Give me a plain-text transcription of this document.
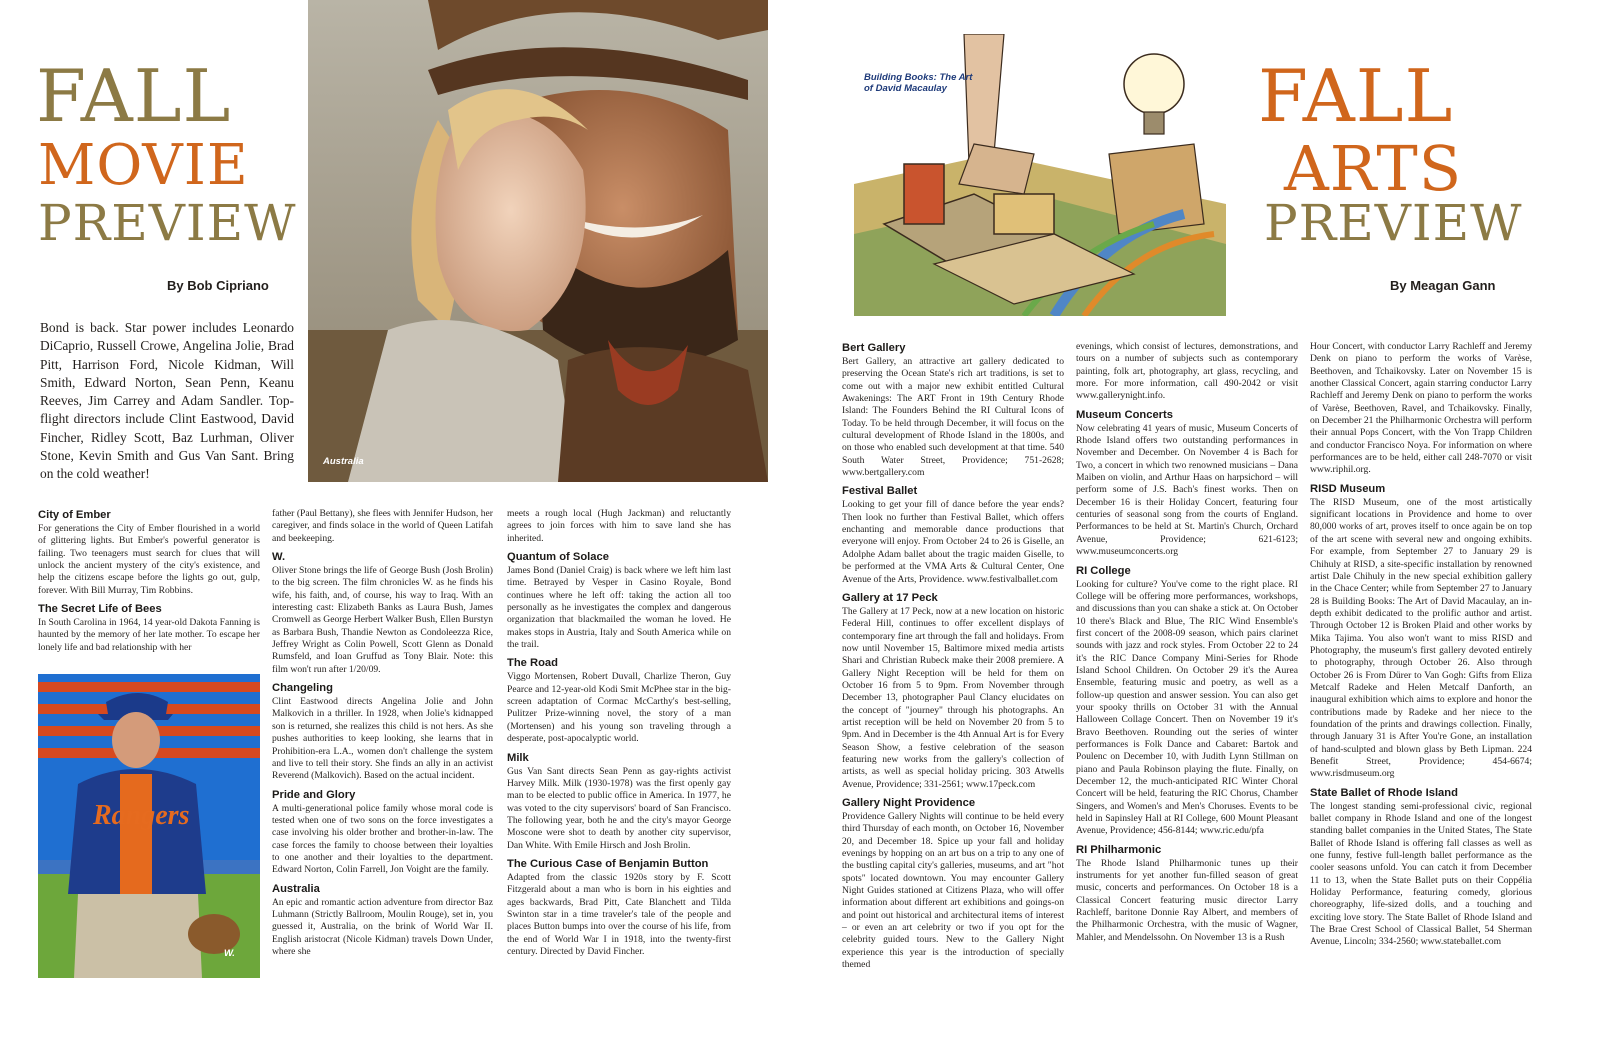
FALL
MOVIE
PREVIEW
By Bob Cipriano
Bond is back. Star power includes Leonardo DiCaprio, Russell Crowe, Angelina Jolie, Brad Pitt, Harrison Ford, Nicole Kidman, Will Smith, Edward Norton, Sean Penn, Keanu Reeves, Jim Carrey and Adam Sandler. Top-flight directors include Clint Eastwood, David Fincher, Ridley Scott, Baz Lurhman, Oliver Stone, Kevin Smith and Gus Van Sant. Bring on the cold weather!
Australia
Rangers
W.
City of Ember

For generations the City of Ember flourished in a world of glittering lights. But Ember's powerful generator is failing. Two teenagers must search for clues that will unlock the ancient mystery of the city's existence, and help the citizens escape before the lights go out, gulp, forever. With Bill Murray, Tim Robbins.

The Secret Life of Bees

In South Carolina in 1964, 14 year-old Dakota Fanning is haunted by the memory of her late mother. To escape her lonely life and bad relationship with her

father (Paul Bettany), she flees with Jennifer Hudson, her caregiver, and finds solace in the world of Queen Latifah and beekeeping.

W.

Oliver Stone brings the life of George Bush (Josh Brolin) to the big screen. The film chronicles W. as he finds his wife, his faith, and, of course, his way to Iraq. With an interesting cast: Elizabeth Banks as Laura Bush, James Cromwell as George Herbert Walker Bush, Ellen Burstyn as Barbara Bush, Thandie Newton as Condoleezza Rice, Jeffrey Wright as Colin Powell, Scott Glenn as Donald Rumsfeld, and Ioan Gruffud as Tony Blair. Note: this film won't run after 1/20/09.

Changeling

Clint Eastwood directs Angelina Jolie and John Malkovich in a thriller. In 1928, when Jolie's kidnapped son is returned, she realizes this child is not hers. As she pushes authorities to keep looking, she learns that in Prohibition-era L.A., women don't challenge the system and live to tell their story. She finds an ally in an activist Reverend (Malkovich). Based on the actual incident.

Pride and Glory

A multi-generational police family whose moral code is tested when one of two sons on the force investigates a case involving his older brother and brother-in-law. The case forces the family to choose between their loyalties to one another and their loyalties to the department. Edward Norton, Colin Farrell, Jon Voight are the family.

Australia

An epic and romantic action adventure from director Baz Luhmann (Strictly Ballroom, Moulin Rouge), set in, you guessed it, Australia, on the brink of World War II. English aristocrat (Nicole Kidman) travels Down Under, where she

meets a rough local (Hugh Jackman) and reluctantly agrees to join forces with him to save land she has inherited.

Quantum of Solace

James Bond (Daniel Craig) is back where we left him last time. Betrayed by Vesper in Casino Royale, Bond continues where he left off: taking the action all too personally as he investigates the complex and dangerous organization that blackmailed the woman he loved. He makes stops in Austria, Italy and South America while on the trail.

The Road

Viggo Mortensen, Robert Duvall, Charlize Theron, Guy Pearce and 12-year-old Kodi Smit McPhee star in the big-screen adaptation of Cormac McCarthy's best-selling, Pulitzer Prize-winning novel, the story of a man (Mortensen) and his young son traveling through a desperate, post-apocalyptic world.

Milk

Gus Van Sant directs Sean Penn as gay-rights activist Harvey Milk. Milk (1930-1978) was the first openly gay man to be elected to public office in America. In 1977, he was voted to the city supervisors' board of San Francisco. The following year, both he and the city's mayor George Moscone were shot to death by another city supervisor, Dan White. With Emile Hirsch and Josh Brolin.

The Curious Case of Benjamin Button

Adapted from the classic 1920s story by F. Scott Fitzgerald about a man who is born in his eighties and ages backwards, Brad Pitt, Cate Blanchett and Tilda Swinton star in a time traveler's tale of the people and places Button bumps into over the course of his life, from the end of World War I in 1918, into the twenty-first century. Directed by David Fincher.

Building Books: The Art of David Macaulay	FALL
ARTS
PREVIEW
By Meagan Gann
Bert Gallery

Bert Gallery, an attractive art gallery dedicated to preserving the Ocean State's rich art traditions, is set to come out with a major new exhibit entitled Cultural Awakenings: The ART Front in 19th Century Rhode Island: The Founders Behind the RI Cultural Icons of Today. To be held through December, it will focus on the cultural development of Rhode Island in the 1800s, and on those who enabled such development at that time. 540 South Water Street, Providence; 751-2628; www.bertgallery.com

Festival Ballet

Looking to get your fill of dance before the year ends? Then look no further than Festival Ballet, which offers enchanting and memorable dance productions that everyone will enjoy. From October 24 to 26 is Giselle, an Adolphe Adam ballet about the tragic maiden Giselle, to be performed at the VMA Arts & Cultural Center, One Avenue of the Arts, Providence. www.festivalballet.com

Gallery at 17 Peck

The Gallery at 17 Peck, now at a new location on historic Federal Hill, continues to offer excellent displays of contemporary fine art through the fall and holidays. From now until November 15, Baltimore mixed media artists Shari and Christian Rubeck make their 2008 premiere. A Gallery Night Reception will be held for them on October 16 from 5 to 9pm. From November through December 13, photographer Paul Clancy elucidates on the concept of "journey" through his photographs. An artist reception will be held on November 20 from 5 to 9pm. And in December is the 4th Annual Art is for Every Season Show, a festive celebration of the season featuring new works from the gallery's collection of artists, as well as special holiday pricing. 303 Atwells Avenue, Providence; 331-2561; www.17peck.com

Gallery Night Providence

Providence Gallery Nights will continue to be held every third Thursday of each month, on October 16, November 20, and December 18. Spice up your fall and holiday evenings by hopping on an art bus on a trip to any one of the bustling capital city's galleries, museums, and art "hot spots" located downtown. You may encounter Gallery Night Guides stationed at Citizens Plaza, who will offer information about different art exhibitions and goings-on and point out historical and architectural items of interest – or even an art celebrity or two if you opt for the celebrity guided tours. New to the Gallery Night experience this year is the introduction of specially themed

evenings, which consist of lectures, demonstrations, and tours on a number of subjects such as contemporary painting, folk art, photography, art glass, recycling, and more. For more information, call 490-2042 or visit www.gallerynight.info.

Museum Concerts

Now celebrating 41 years of music, Museum Concerts of Rhode Island offers two outstanding performances in November and December. On November 4 is Bach for Two, a concert in which two renowned musicians – Dana Maiben on violin, and Arthur Haas on harpsichord – will perform some of J.S. Bach's finest works. Then on December 16 is their Holiday Concert, featuring four centuries of seasonal song from the courts of England. Performances to be held at St. Martin's Church, Orchard Avenue, Providence; 621-6123; www.museumconcerts.org

RI College

Looking for culture? You've come to the right place. RI College will be offering more performances, workshops, and discussions than you can shake a stick at. On October 10 there's Black and Blue, The RIC Wind Ensemble's first concert of the 2008-09 season, which pairs clarinet sounds with jazz and rock styles. From October 22 to 24 it's the RIC Dance Company Mini-Series for Rhode Island School Children. On October 29 it's the Aurea Ensemble, featuring music and poetry, as well as a follow-up question and answer session. You can also get your spooky thrills on October 31 with the Annual Halloween Collage Concert. Then on November 19 it's Bravo Beethoven. Rounding out the series of winter performances is Folk Dance and Cabaret: Bartok and Poulenc on December 10, with Judith Lynn Stillman on piano and Paula Robinson playing the flute. Finally, on December 12, the much-anticipated RIC Winter Choral Concert will be held, featuring the RIC Chorus, Chamber Singers, and Women's and Men's Choruses. Events to be held in Sapinsley Hall at RI College, 600 Mount Pleasant Avenue, Providence; 456-8144; www.ric.edu/pfa

RI Philharmonic

The Rhode Island Philharmonic tunes up their instruments for yet another fun-filled season of great music, concerts and performances. On October 18 is a Classical Concert featuring music director Larry Rachleff, baritone Donnie Ray Albert, and members of the Philharmonic Orchestra, with the music of Wagner, Mahler, and Mendelssohn. On November 13 is a Rush

Hour Concert, with conductor Larry Rachleff and Jeremy Denk on piano to perform the works of Varèse, Beethoven, and Tchaikovsky. Later on November 15 is another Classical Concert, again starring conductor Larry Rachleff and Jeremy Denk on piano to perform the works of Varèse, Beethoven, Ravel, and Tchaikovsky. Finally, on December 21 the Philharmonic Orchestra will perform their annual Pops Concert, with the Von Trapp Children and conductor Francisco Noya. For information on where performances are to be held, either call 248-7070 or visit www.riphil.org.

RISD Museum

The RISD Museum, one of the most artistically significant locations in Providence and home to over 80,000 works of art, proves itself to once again be on top of the art scene with several new and ongoing exhibits. For example, from September 27 to January 29 is Chihuly at RISD, a site-specific installation by renowned artist Dale Chihuly in the new special exhibition gallery in the Chace Center; while from September 27 to January 28 is Building Books: The Art of David Macaulay, an in-depth exhibit dedicated to the prolific author and artist. Through October 12 is Broken Plaid and other works by Mika Tajima. You also won't want to miss RISD and Photography, the museum's first gallery devoted entirely to photography, through October 26. Also through October 26 is From Dürer to Van Gogh: Gifts from Eliza Metcalf Radeke and Helen Metcalf Danforth, an inaugural exhibition which aims to explore and honor the contributions made by Radeke and her niece to the foundation of the prints and drawings collection. Finally, through January 31 is After You're Gone, an installation of hand-sculpted and blown glass by Beth Lipman. 224 Benefit Street, Providence; 454-6674; www.risdmuseum.org

State Ballet of Rhode Island

The longest standing semi-professional civic, regional ballet company in Rhode Island and one of the longest standing ballet companies in the United States, The State Ballet of Rhode Island is offering fall classes as well as one funny, festive full-length ballet performance as the cooler seasons unfold. You can catch it from December 11 to 13, when the State Ballet puts on their Coppélia Holiday Performance, featuring comedy, glorious choreography, life-sized dolls, and a touching and exciting love story. The State Ballet of Rhode Island and The Brae Crest School of Classical Ballet, 54 Sherman Avenue, Lincoln; 334-2560; www.stateballet.com
